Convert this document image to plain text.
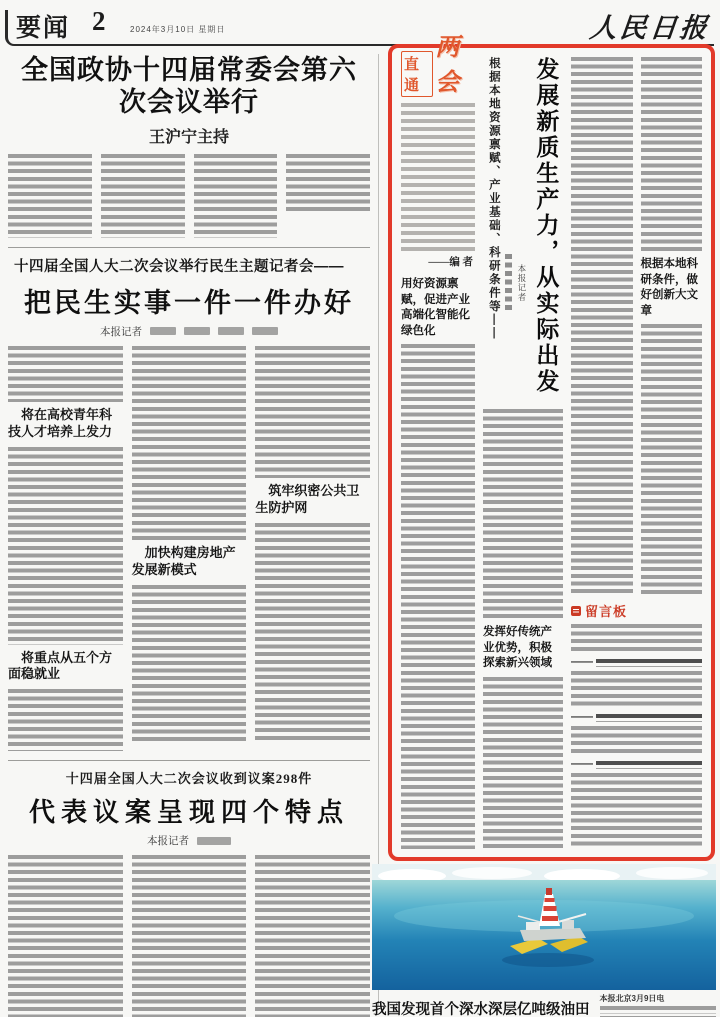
要闻 2	2024年3月10日 星期日	人民日报
全国政协十四届常委会第六次会议举行
王沪宁主持
十四届全国人大二次会议举行民生主题记者会——
把民生实事一件一件办好
本报记者
将在高校青年科技人才培养上发力
将重点从五个方面稳就业
加快构建房地产发展新模式
筑牢织密公共卫生防护网
十四届全国人大二次会议收到议案298件
代表议案呈现四个特点
本报记者
直通
两会
——编 者
用好资源禀赋，促进产业高端化智能化绿色化	根据本地资源禀赋、产业基础、科研条件等—— 本报记者 发展新质生产力，从实际出发
发挥好传统产业优势，积极探索新兴领域
根据本地科研条件，做好创新大文章
留言板
——
——
——
我国发现首个深水深层亿吨级油田
本报北京3月9日电
